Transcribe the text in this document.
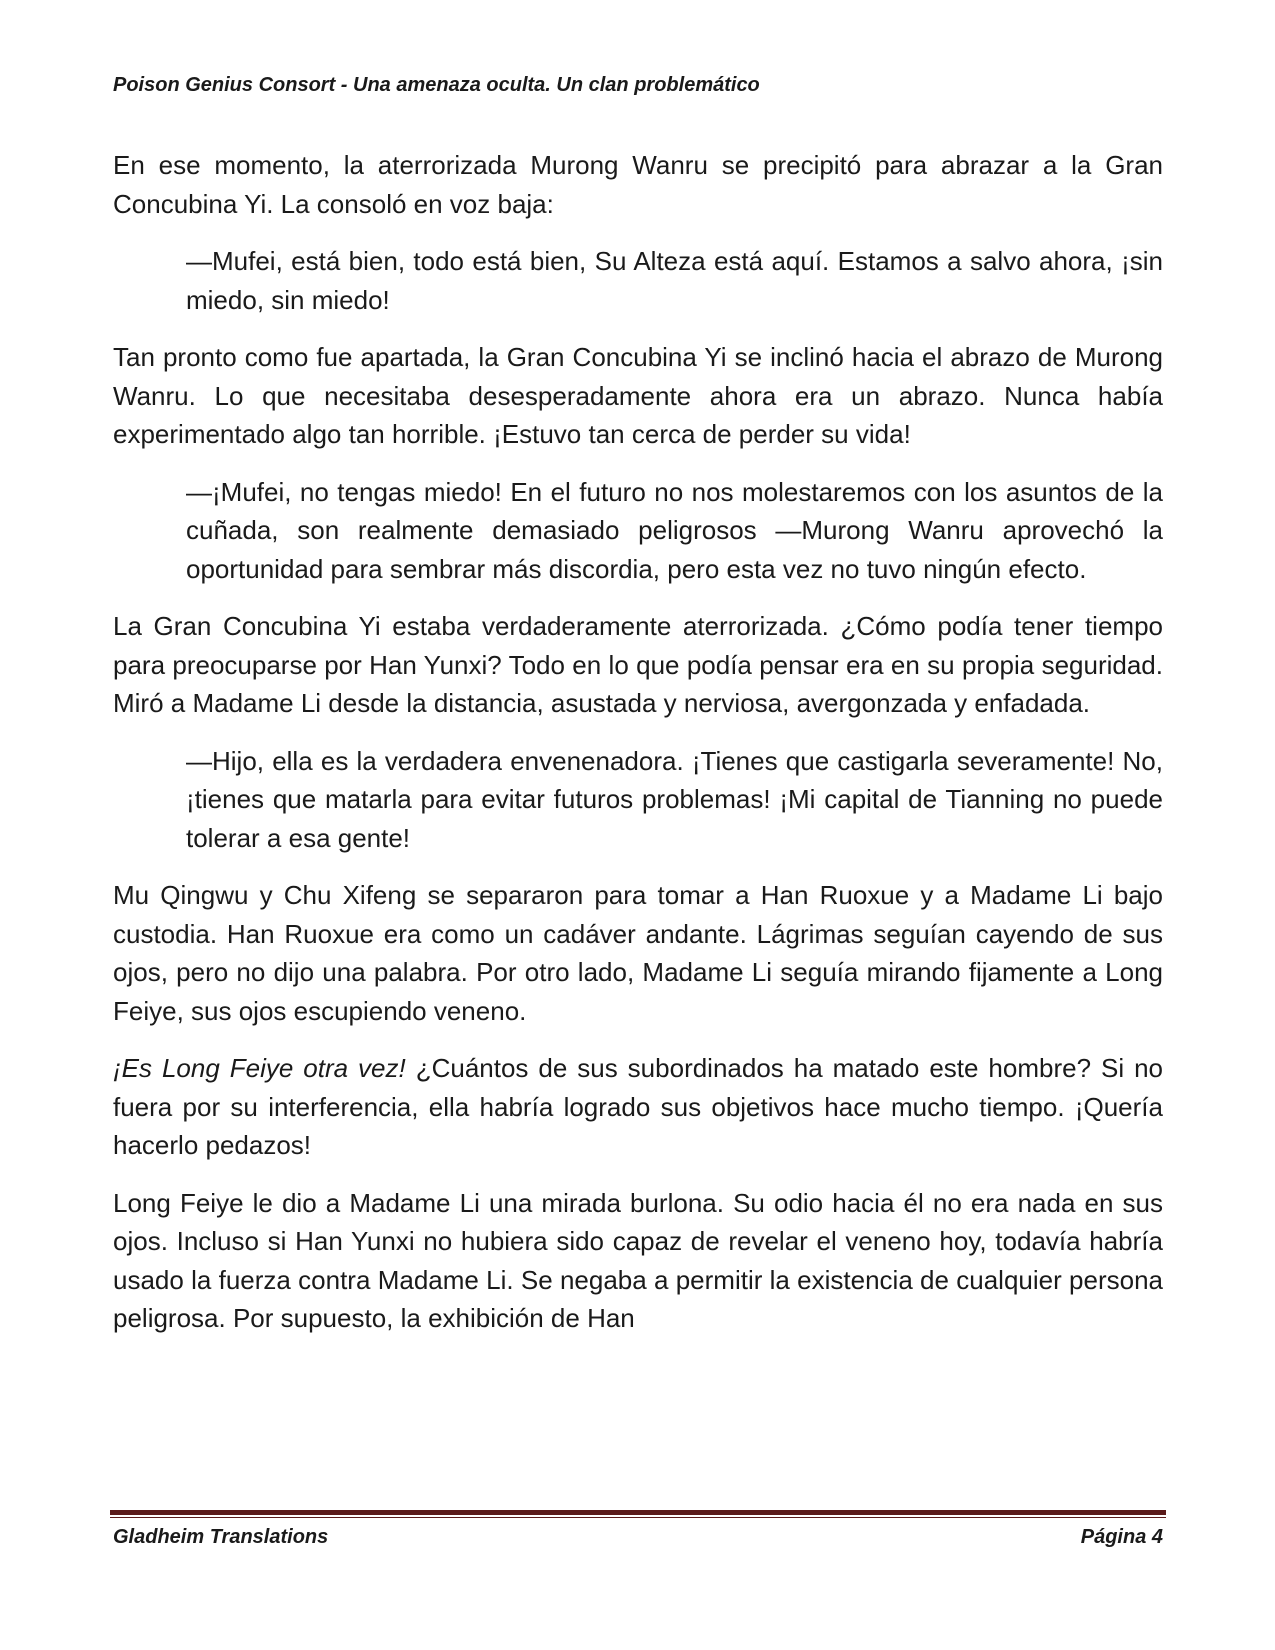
Poison Genius Consort - Una amenaza oculta. Un clan problemático

En ese momento, la aterrorizada Murong Wanru se precipitó para abrazar a la Gran Concubina Yi. La consoló en voz baja:

—Mufei, está bien, todo está bien, Su Alteza está aquí. Estamos a salvo ahora, ¡sin miedo, sin miedo!

Tan pronto como fue apartada, la Gran Concubina Yi se inclinó hacia el abrazo de Murong Wanru. Lo que necesitaba desesperadamente ahora era un abrazo. Nunca había experimentado algo tan horrible. ¡Estuvo tan cerca de perder su vida!

—¡Mufei, no tengas miedo! En el futuro no nos molestaremos con los asuntos de la cuñada, son realmente demasiado peligrosos —Murong Wanru aprovechó la oportunidad para sembrar más discordia, pero esta vez no tuvo ningún efecto.

La Gran Concubina Yi estaba verdaderamente aterrorizada. ¿Cómo podía tener tiempo para preocuparse por Han Yunxi? Todo en lo que podía pensar era en su propia seguridad. Miró a Madame Li desde la distancia, asustada y nerviosa, avergonzada y enfadada.

—Hijo, ella es la verdadera envenenadora. ¡Tienes que castigarla severamente! No, ¡tienes que matarla para evitar futuros problemas! ¡Mi capital de Tianning no puede tolerar a esa gente!

Mu Qingwu y Chu Xifeng se separaron para tomar a Han Ruoxue y a Madame Li bajo custodia. Han Ruoxue era como un cadáver andante. Lágrimas seguían cayendo de sus ojos, pero no dijo una palabra. Por otro lado, Madame Li seguía mirando fijamente a Long Feiye, sus ojos escupiendo veneno.

¡Es Long Feiye otra vez! ¿Cuántos de sus subordinados ha matado este hombre? Si no fuera por su interferencia, ella habría logrado sus objetivos hace mucho tiempo. ¡Quería hacerlo pedazos!

Long Feiye le dio a Madame Li una mirada burlona. Su odio hacia él no era nada en sus ojos. Incluso si Han Yunxi no hubiera sido capaz de revelar el veneno hoy, todavía habría usado la fuerza contra Madame Li. Se negaba a permitir la existencia de cualquier persona peligrosa. Por supuesto, la exhibición de Han

Gladheim Translations	Página 4
